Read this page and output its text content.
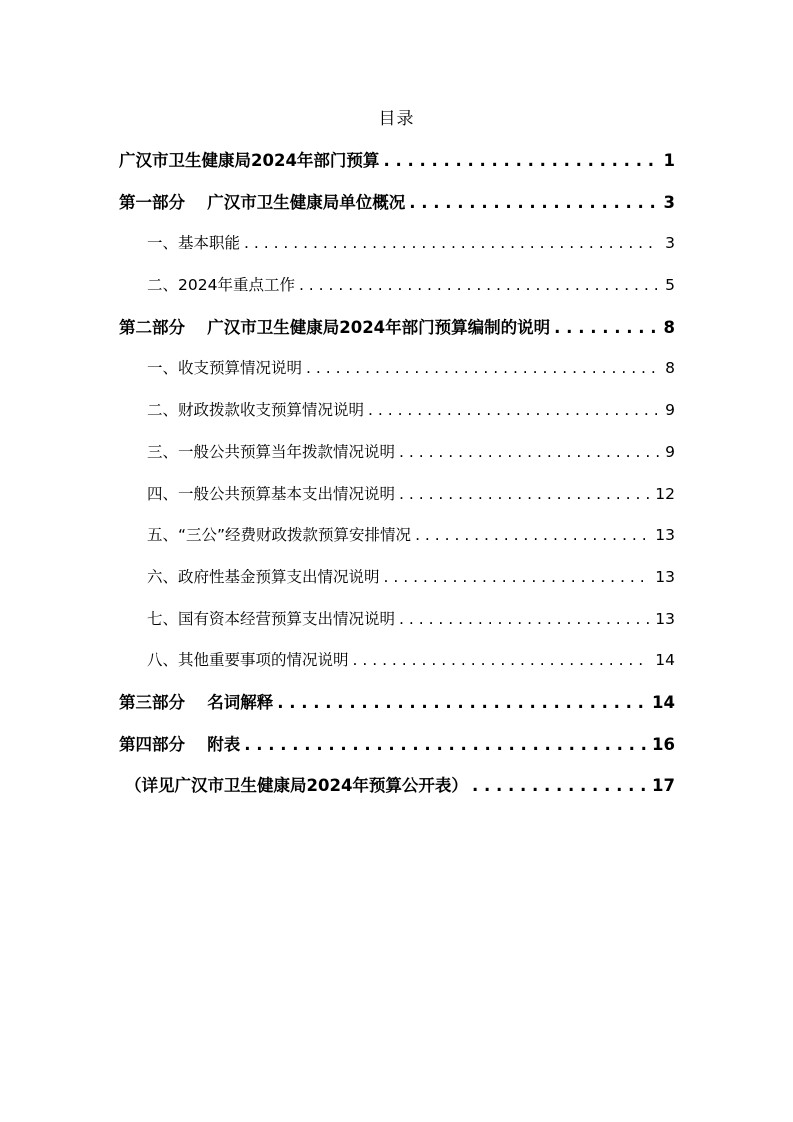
目录
广汉市卫生健康局2024年部门预算 . . .	1
第一部分　 广汉市卫生健康局单位概况 . . .	3
一、基本职能 . . .	3
二、2024年重点工作 . . .	5
第二部分　 广汉市卫生健康局2024年部门预算编制的说明 . . .	8
一、收支预算情况说明 . . .	8
二、财政拨款收支预算情况说明 . . .	9
三、一般公共预算当年拨款情况说明 . . .	9
四、一般公共预算基本支出情况说明 . . .	12
五、“三公”经费财政拨款预算安排情况 . . .	13
六、政府性基金预算支出情况说明 . . .	13
七、国有资本经营预算支出情况说明 . . .	13
八、其他重要事项的情况说明 . . .	14
第三部分　 名词解释 . . .	14
第四部分　 附表 . . .	16
（详见广汉市卫生健康局2024年预算公开表） . . .	17
